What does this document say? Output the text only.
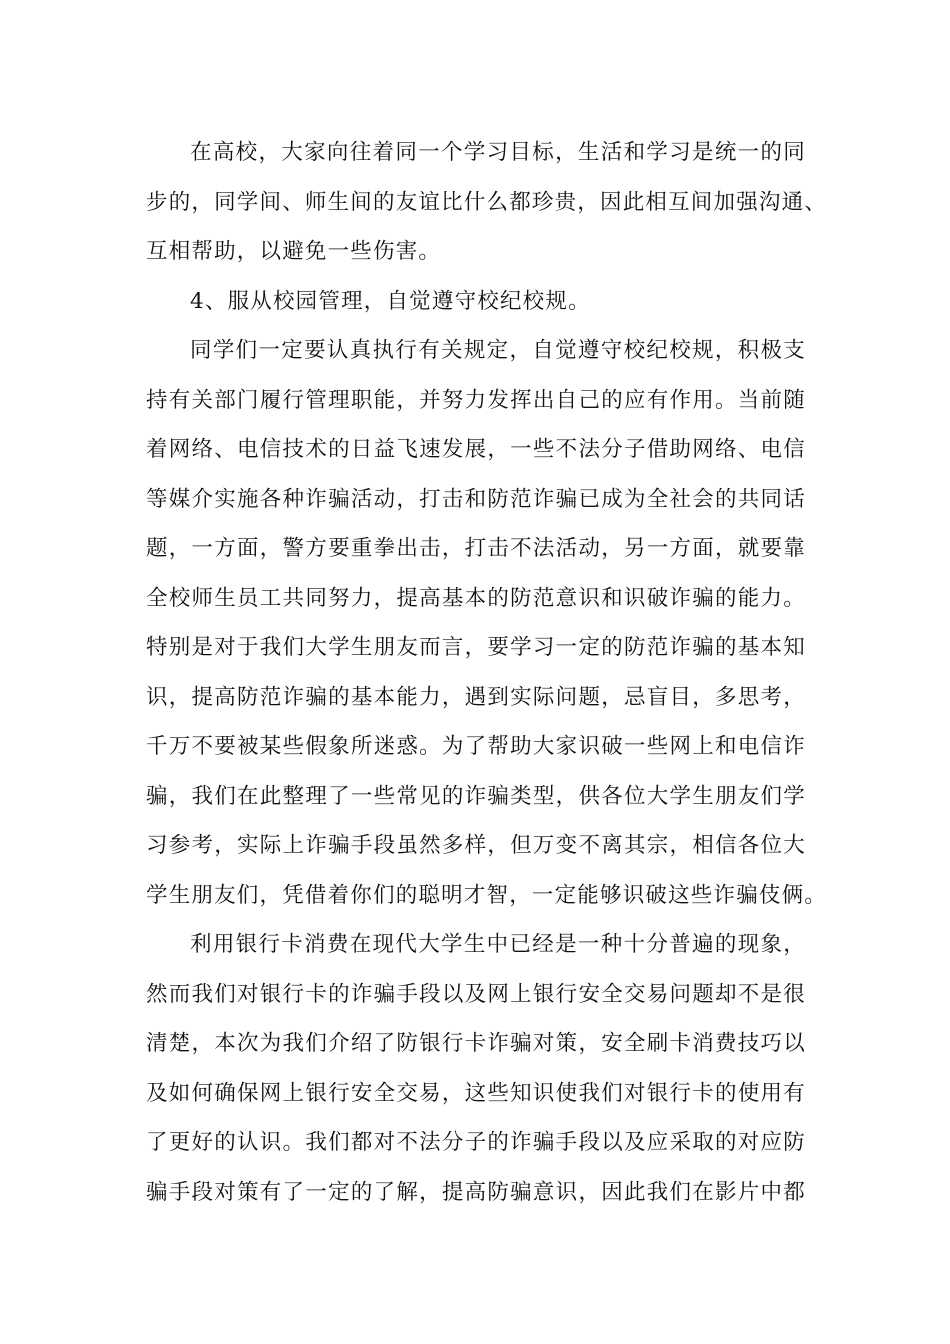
在高校，大家向往着同一个学习目标，生活和学习是统一的同
步的，同学间、师生间的友谊比什么都珍贵，因此相互间加强沟通、
互相帮助，以避免一些伤害。
4、服从校园管理，自觉遵守校纪校规。
同学们一定要认真执行有关规定，自觉遵守校纪校规，积极支
持有关部门履行管理职能，并努力发挥出自己的应有作用。当前随
着网络、电信技术的日益飞速发展，一些不法分子借助网络、电信
等媒介实施各种诈骗活动，打击和防范诈骗已成为全社会的共同话
题，一方面，警方要重拳出击，打击不法活动，另一方面，就要靠
全校师生员工共同努力，提高基本的防范意识和识破诈骗的能力。
特别是对于我们大学生朋友而言，要学习一定的防范诈骗的基本知
识，提高防范诈骗的基本能力，遇到实际问题，忌盲目，多思考，
千万不要被某些假象所迷惑。为了帮助大家识破一些网上和电信诈
骗，我们在此整理了一些常见的诈骗类型，供各位大学生朋友们学
习参考，实际上诈骗手段虽然多样，但万变不离其宗，相信各位大
学生朋友们，凭借着你们的聪明才智，一定能够识破这些诈骗伎俩。
利用银行卡消费在现代大学生中已经是一种十分普遍的现象，
然而我们对银行卡的诈骗手段以及网上银行安全交易问题却不是很
清楚，本次为我们介绍了防银行卡诈骗对策，安全刷卡消费技巧以
及如何确保网上银行安全交易，这些知识使我们对银行卡的使用有
了更好的认识。我们都对不法分子的诈骗手段以及应采取的对应防
骗手段对策有了一定的了解，提高防骗意识，因此我们在影片中都
